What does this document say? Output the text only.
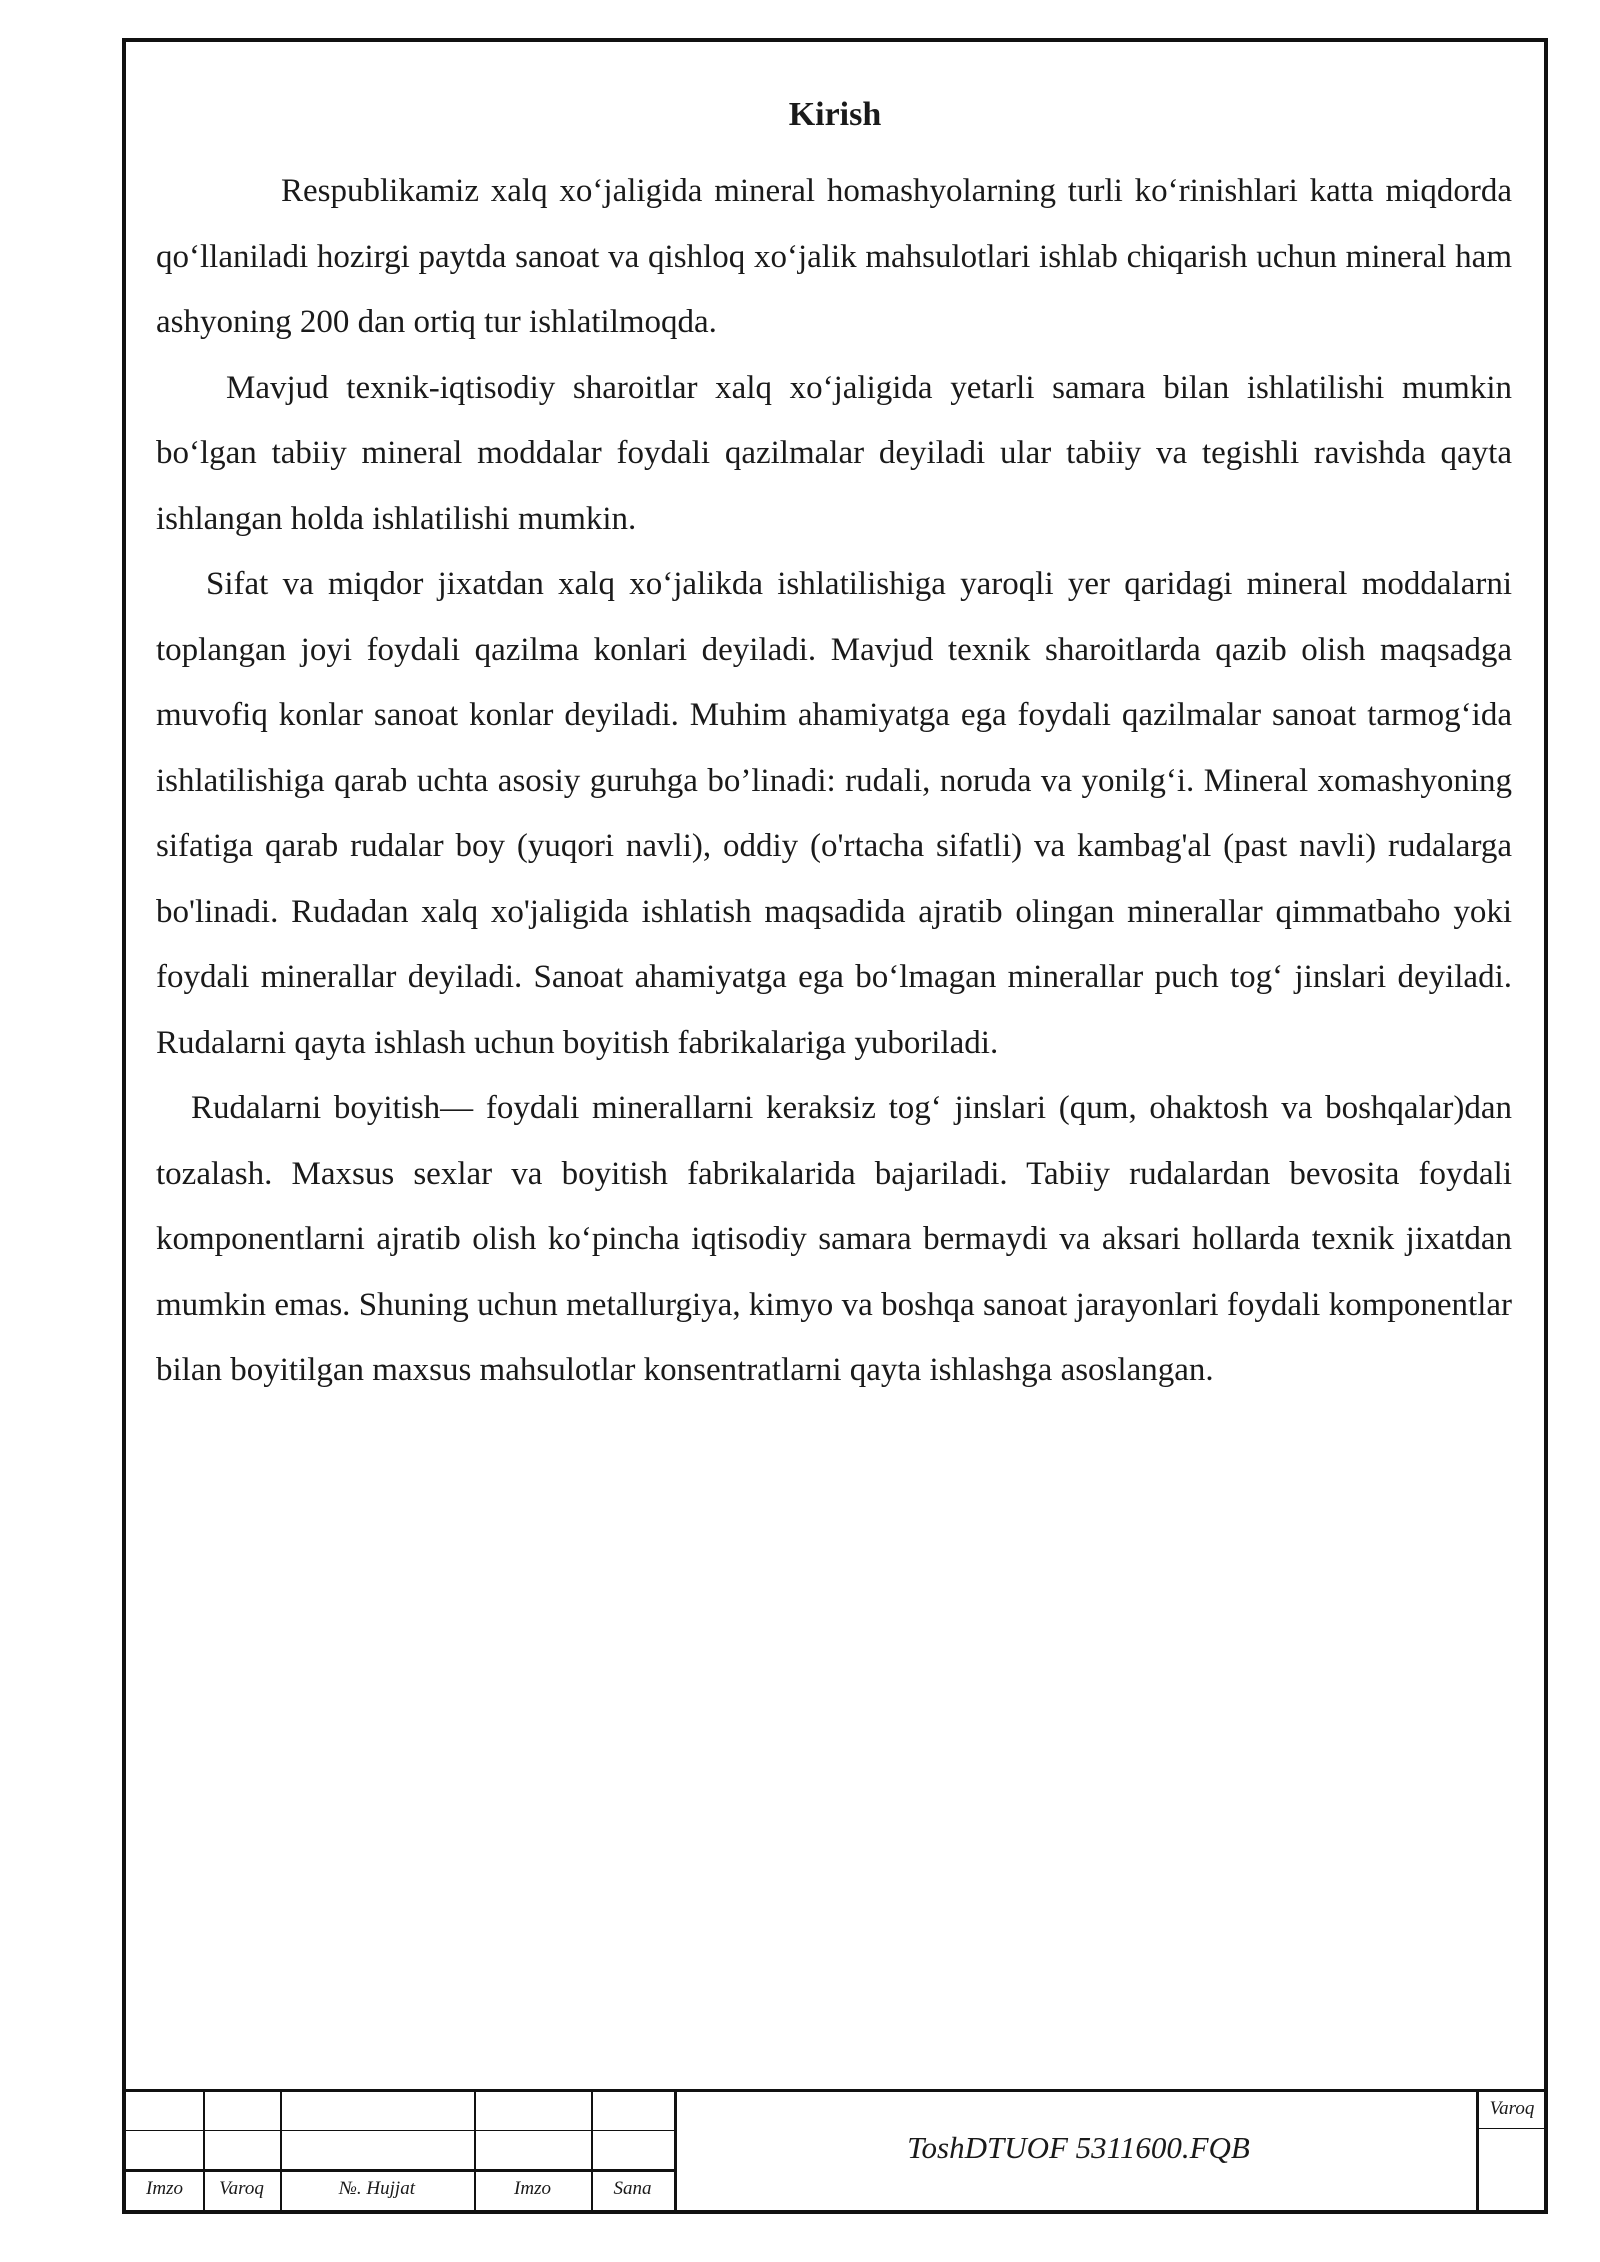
Kirish

Respublikamiz xalq xo‘jaligida mineral homashyolarning turli ko‘rinishlari katta miqdorda qo‘llaniladi hozirgi paytda sanoat va qishloq xo‘jalik mahsulotlari ishlab chiqarish uchun mineral ham ashyoning 200 dan ortiq tur ishlatilmoqda.

Mavjud texnik-iqtisodiy sharoitlar xalq xo‘jaligida yetarli samara bilan ishlatilishi mumkin bo‘lgan tabiiy mineral moddalar foydali qazilmalar deyiladi ular tabiiy va tegishli ravishda qayta ishlangan holda ishlatilishi mumkin.

Sifat va miqdor jixatdan xalq xo‘jalikda ishlatilishiga yaroqli yer qaridagi mineral moddalarni toplangan joyi foydali qazilma konlari deyiladi. Mavjud texnik sharoitlarda qazib olish maqsadga muvofiq konlar sanoat konlar deyiladi. Muhim ahamiyatga ega foydali qazilmalar sanoat tarmog‘ida ishlatilishiga qarab uchta asosiy guruhga bo’linadi: rudali, noruda va yonilg‘i. Mineral xomashyoning sifatiga qarab rudalar boy (yuqori navli), oddiy (o'rtacha sifatli) va kambag'al (past navli) rudalarga bo'linadi. Rudadan xalq xo'jaligida ishlatish maqsadida ajratib olingan minerallar qimmatbaho yoki foydali minerallar deyiladi. Sanoat ahamiyatga ega bo‘lmagan minerallar puch tog‘ jinslari deyiladi. Rudalarni qayta ishlash uchun boyitish fabrikalariga yuboriladi.

Rudalarni boyitish— foydali minerallarni keraksiz tog‘ jinslari (qum, ohaktosh va boshqalar)dan tozalash. Maxsus sexlar va boyitish fabrikalarida bajariladi. Tabiiy rudalardan bevosita foydali komponentlarni ajratib olish ko‘pincha iqtisodiy samara bermaydi va aksari hollarda texnik jixatdan mumkin emas. Shuning uchun metallurgiya, kimyo va boshqa sanoat jarayonlari foydali komponentlar bilan boyitilgan maxsus mahsulotlar konsentratlarni qayta ishlashga asoslangan.

Imzo	Varoq	№. Hujjat	Imzo	Sana
ToshDTUOF 5311600.FQB
Varoq
